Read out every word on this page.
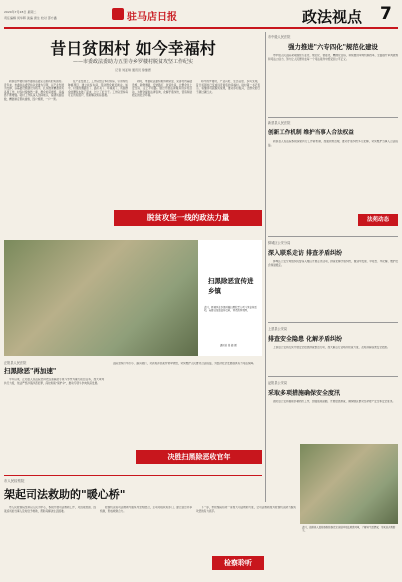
2020年7月28日 星期二
责任编辑 何华晖 美编 唐生 校对 邵方鑫	驻马店日报	政法视点 7
昔日贫困村 如今幸福村
——市委政法委助力五里寺乡罗楼村脱贫攻坚工作纪实
记者 刘亚琪 通讯员 徐继德

新蔡县罗楼村是市委政法委定点帮扶的贫困村。近年来，市委政法委坚持以党建为引领，以产业发展为支撑，以基础设施建设为抓手，扎实推进精准扶贫各项工作，村容村貌焕然一新，群众的获得感、幸福感不断增强。驻村工作队深入田间地头，摸清贫困底数，精准制定帮扶措施，因户施策，一户一策。

在产业发展上，工作队结合本村实际，引进特色种植项目，建立扶贫车间，带动群众就近就业。如今，村里的道路宽了、路灯亮了、环境美了，贫困群众的腰包也鼓了起来，过上了好日子。工作队坚持每月走访贫困户，帮助解决实际困难。

同时，市委政法委积极协调资金，完善村内基础设施，新修道路、安装路灯、改造危房，让群众住上安全房、走上平坦路。通过开展法律服务进乡村活动，为群众提供法律咨询，化解矛盾纠纷，营造和谐稳定的社会环境。

如今的罗楼村，产业兴旺、生态宜居、乡风文明，昔日贫困村已变成远近闻名的幸福村。驻村第一书记表示，将继续巩固脱贫成果，推动乡村振兴，让群众的日子越过越红火。

脱贫攻坚一线的政法力量
扫黑除恶宣传进乡镇
近日，驿城区在乡镇开展扫黑除恶专项斗争宣传活动，向群众发放宣传资料，营造浓厚氛围。
通讯员 张 峰 摄
正阳县人民法院
扫黑除恶"再加速"

今年以来，正阳县人民法院坚持把扫黑除恶专项斗争作为重大政治任务，加大审判执行力度，依法严惩涉黑涉恶犯罪，深挖彻查"保护伞"，推动专项斗争向纵深发展。

法院坚持打早打小、露头就打，对涉黑涉恶案件快审快结，切实维护人民群众合法权益，为经济社会发展提供有力司法保障。

决胜扫黑除恶收官年
市中级人民法院
强力推进"六专四化"规范化建设

市中级人民法院紧紧围绕专业化、规范化、智能化、精细化目标，持续推进审判机制改革，全面提升审判质效和司法公信力，努力让人民群众在每一个司法案件中感受到公平正义。

新蔡县人民法院
创新工作机制 维护当事人合法权益

新蔡县人民法院积极探索执行工作新机制，加强诉源治理，推动矛盾纠纷多元化解，切实维护当事人合法权益。

法苑动态
驿城区公安分局
深入联系走访 排查矛盾纠纷

驿城区公安分局组织民警深入辖区开展走访活动，排查化解矛盾纠纷，做到早发现、早报告、早化解，维护社会和谐稳定。

上蔡县公安局
排查安全隐患 化解矛盾纠纷

上蔡县公安局扎实开展安全隐患排查整治行动，加大重点行业场所检查力度，及时消除各类安全隐患。

泌阳县公安局
采取多项措施确保安全度汛

泌阳县公安局提前部署防汛工作，加强值班备勤，开展隐患排查，确保辖区群众生命财产安全和安全度汛。

市人民检察院
架起司法救助的"暖心桥"

市人民检察院坚持以人民为中心，积极开展司法救助工作，对因案致困、因案返贫的当事人及时给予救助，帮助其解决生活困难。

检察机关将司法救助与脱贫攻坚相结合，主动对接扶贫部门，建立信息共享机制，形成救助合力。

下一步，市检察院将进一步加大司法救助力度，让司法救助成为检察机关助力脱贫攻坚的有力抓手。

检察聆听
近日，泌阳县人民检察院检察官走访慰问司法救助对象，了解其生活情况，为其送去救助金。
